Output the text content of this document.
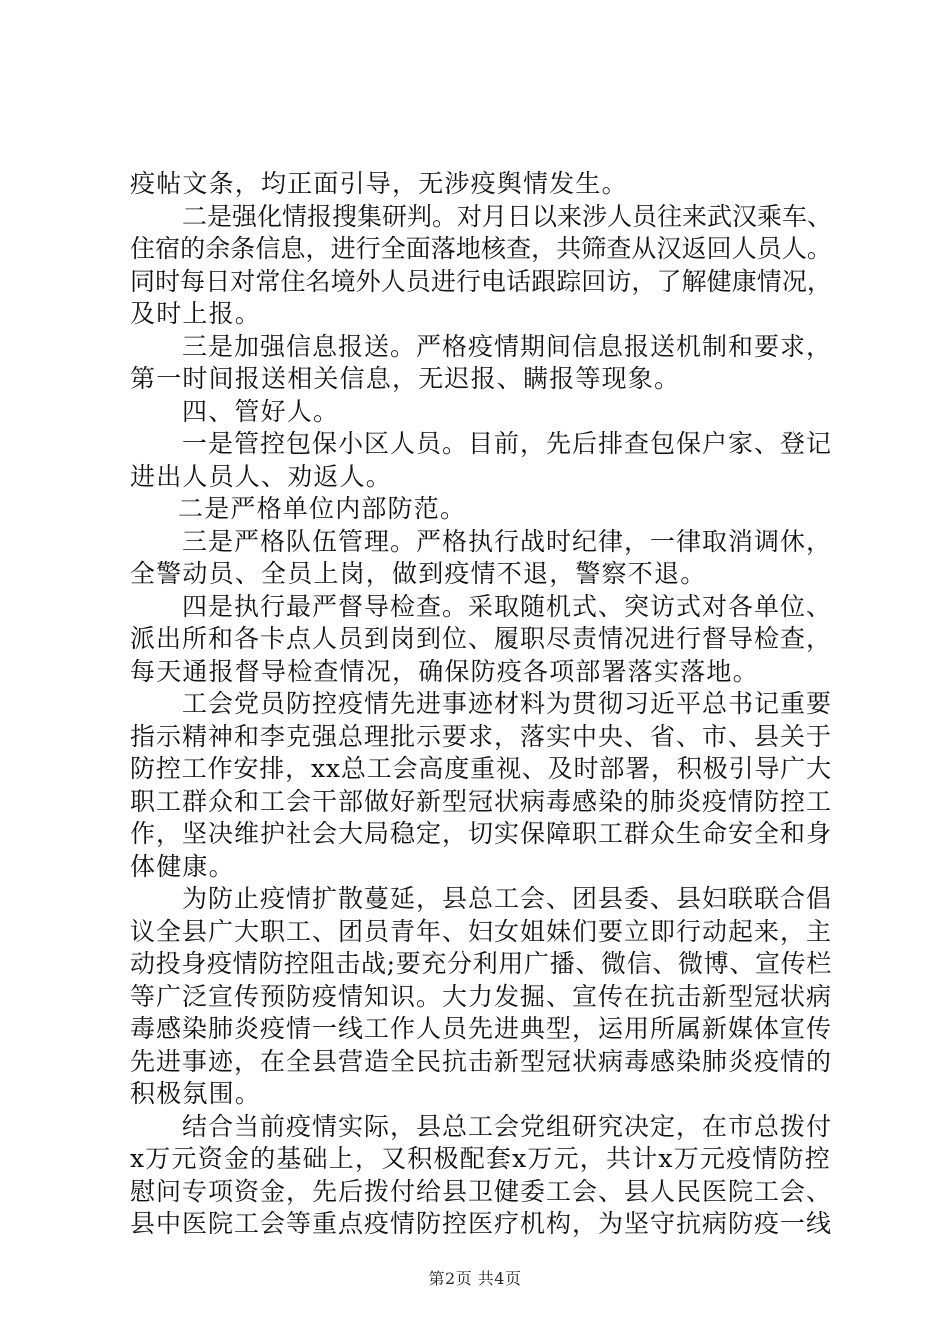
疫帖文条，均正面引导，无涉疫舆情发生。
二是强化情报搜集研判。对月日以来涉人员往来武汉乘车、
住宿的余条信息，进行全面落地核查，共筛查从汉返回人员人。
同时每日对常住名境外人员进行电话跟踪回访，了解健康情况，
及时上报。
三是加强信息报送。严格疫情期间信息报送机制和要求，
第一时间报送相关信息，无迟报、瞒报等现象。
四、管好人。
一是管控包保小区人员。目前，先后排查包保户家、登记
进出人员人、劝返人。
二是严格单位内部防范。
三是严格队伍管理。严格执行战时纪律，一律取消调休，
全警动员、全员上岗，做到疫情不退，警察不退。
四是执行最严督导检查。采取随机式、突访式对各单位、
派出所和各卡点人员到岗到位、履职尽责情况进行督导检查，
每天通报督导检查情况，确保防疫各项部署落实落地。
工会党员防控疫情先进事迹材料为贯彻习近平总书记重要
指示精神和李克强总理批示要求，落实中央、省、市、县关于
防控工作安排，xx总工会高度重视、及时部署，积极引导广大
职工群众和工会干部做好新型冠状病毒感染的肺炎疫情防控工
作，坚决维护社会大局稳定，切实保障职工群众生命安全和身
体健康。
为防止疫情扩散蔓延，县总工会、团县委、县妇联联合倡
议全县广大职工、团员青年、妇女姐妹们要立即行动起来，主
动投身疫情防控阻击战;要充分利用广播、微信、微博、宣传栏
等广泛宣传预防疫情知识。大力发掘、宣传在抗击新型冠状病
毒感染肺炎疫情一线工作人员先进典型，运用所属新媒体宣传
先进事迹，在全县营造全民抗击新型冠状病毒感染肺炎疫情的
积极氛围。
结合当前疫情实际，县总工会党组研究决定，在市总拨付
x万元资金的基础上，又积极配套x万元，共计x万元疫情防控
慰问专项资金，先后拨付给县卫健委工会、县人民医院工会、
县中医院工会等重点疫情防控医疗机构，为坚守抗病防疫一线
第2页 共4页
